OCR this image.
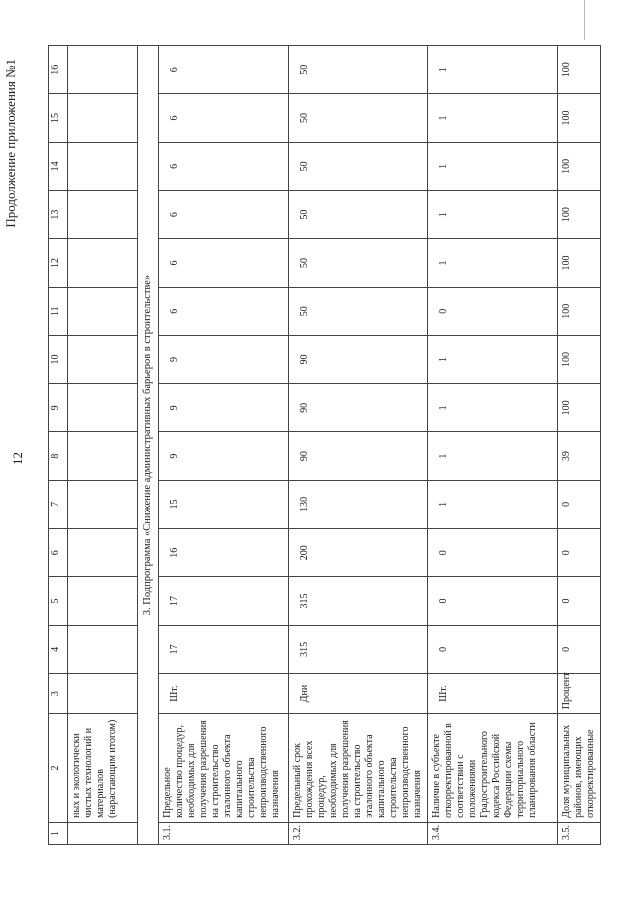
12
Продолжение приложения №1
1	2	3	4	5	6	7	8	9	10	11	12	13	14	15	16
	ных и экологически чистых технологий и материалов (нарастающим итогом)														
3. Подпрограмма «Снижение административных барьеров в строительстве»															
3.1.	Предельное количество процедур, необходимых для получения разрешения на строительство эталонного объекта капитального строительства непроизводственного назначения	Шт.	17	17	16	15	9	9	9	6	6	6	6	6	6
3.2.	Предельный срок прохождения всех процедур, необходимых для получения разрешения на строительство эталонного объекта капитального строительства непроизводственного назначения	Дни	315	315	200	130	90	90	90	50	50	50	50	50	50
3.4.	Наличие в субъекте откорректированной в соответствии с положениями Градостроительного кодекса Российской Федерации схемы территориального планирования области	Шт.	0	0	0	1	1	1	1	0	1	1	1	1	1
3.5.	Доля муниципальных районов, имеющих откорректированные	Процент	0	0	0	0	39	100	100	100	100	100	100	100	100
